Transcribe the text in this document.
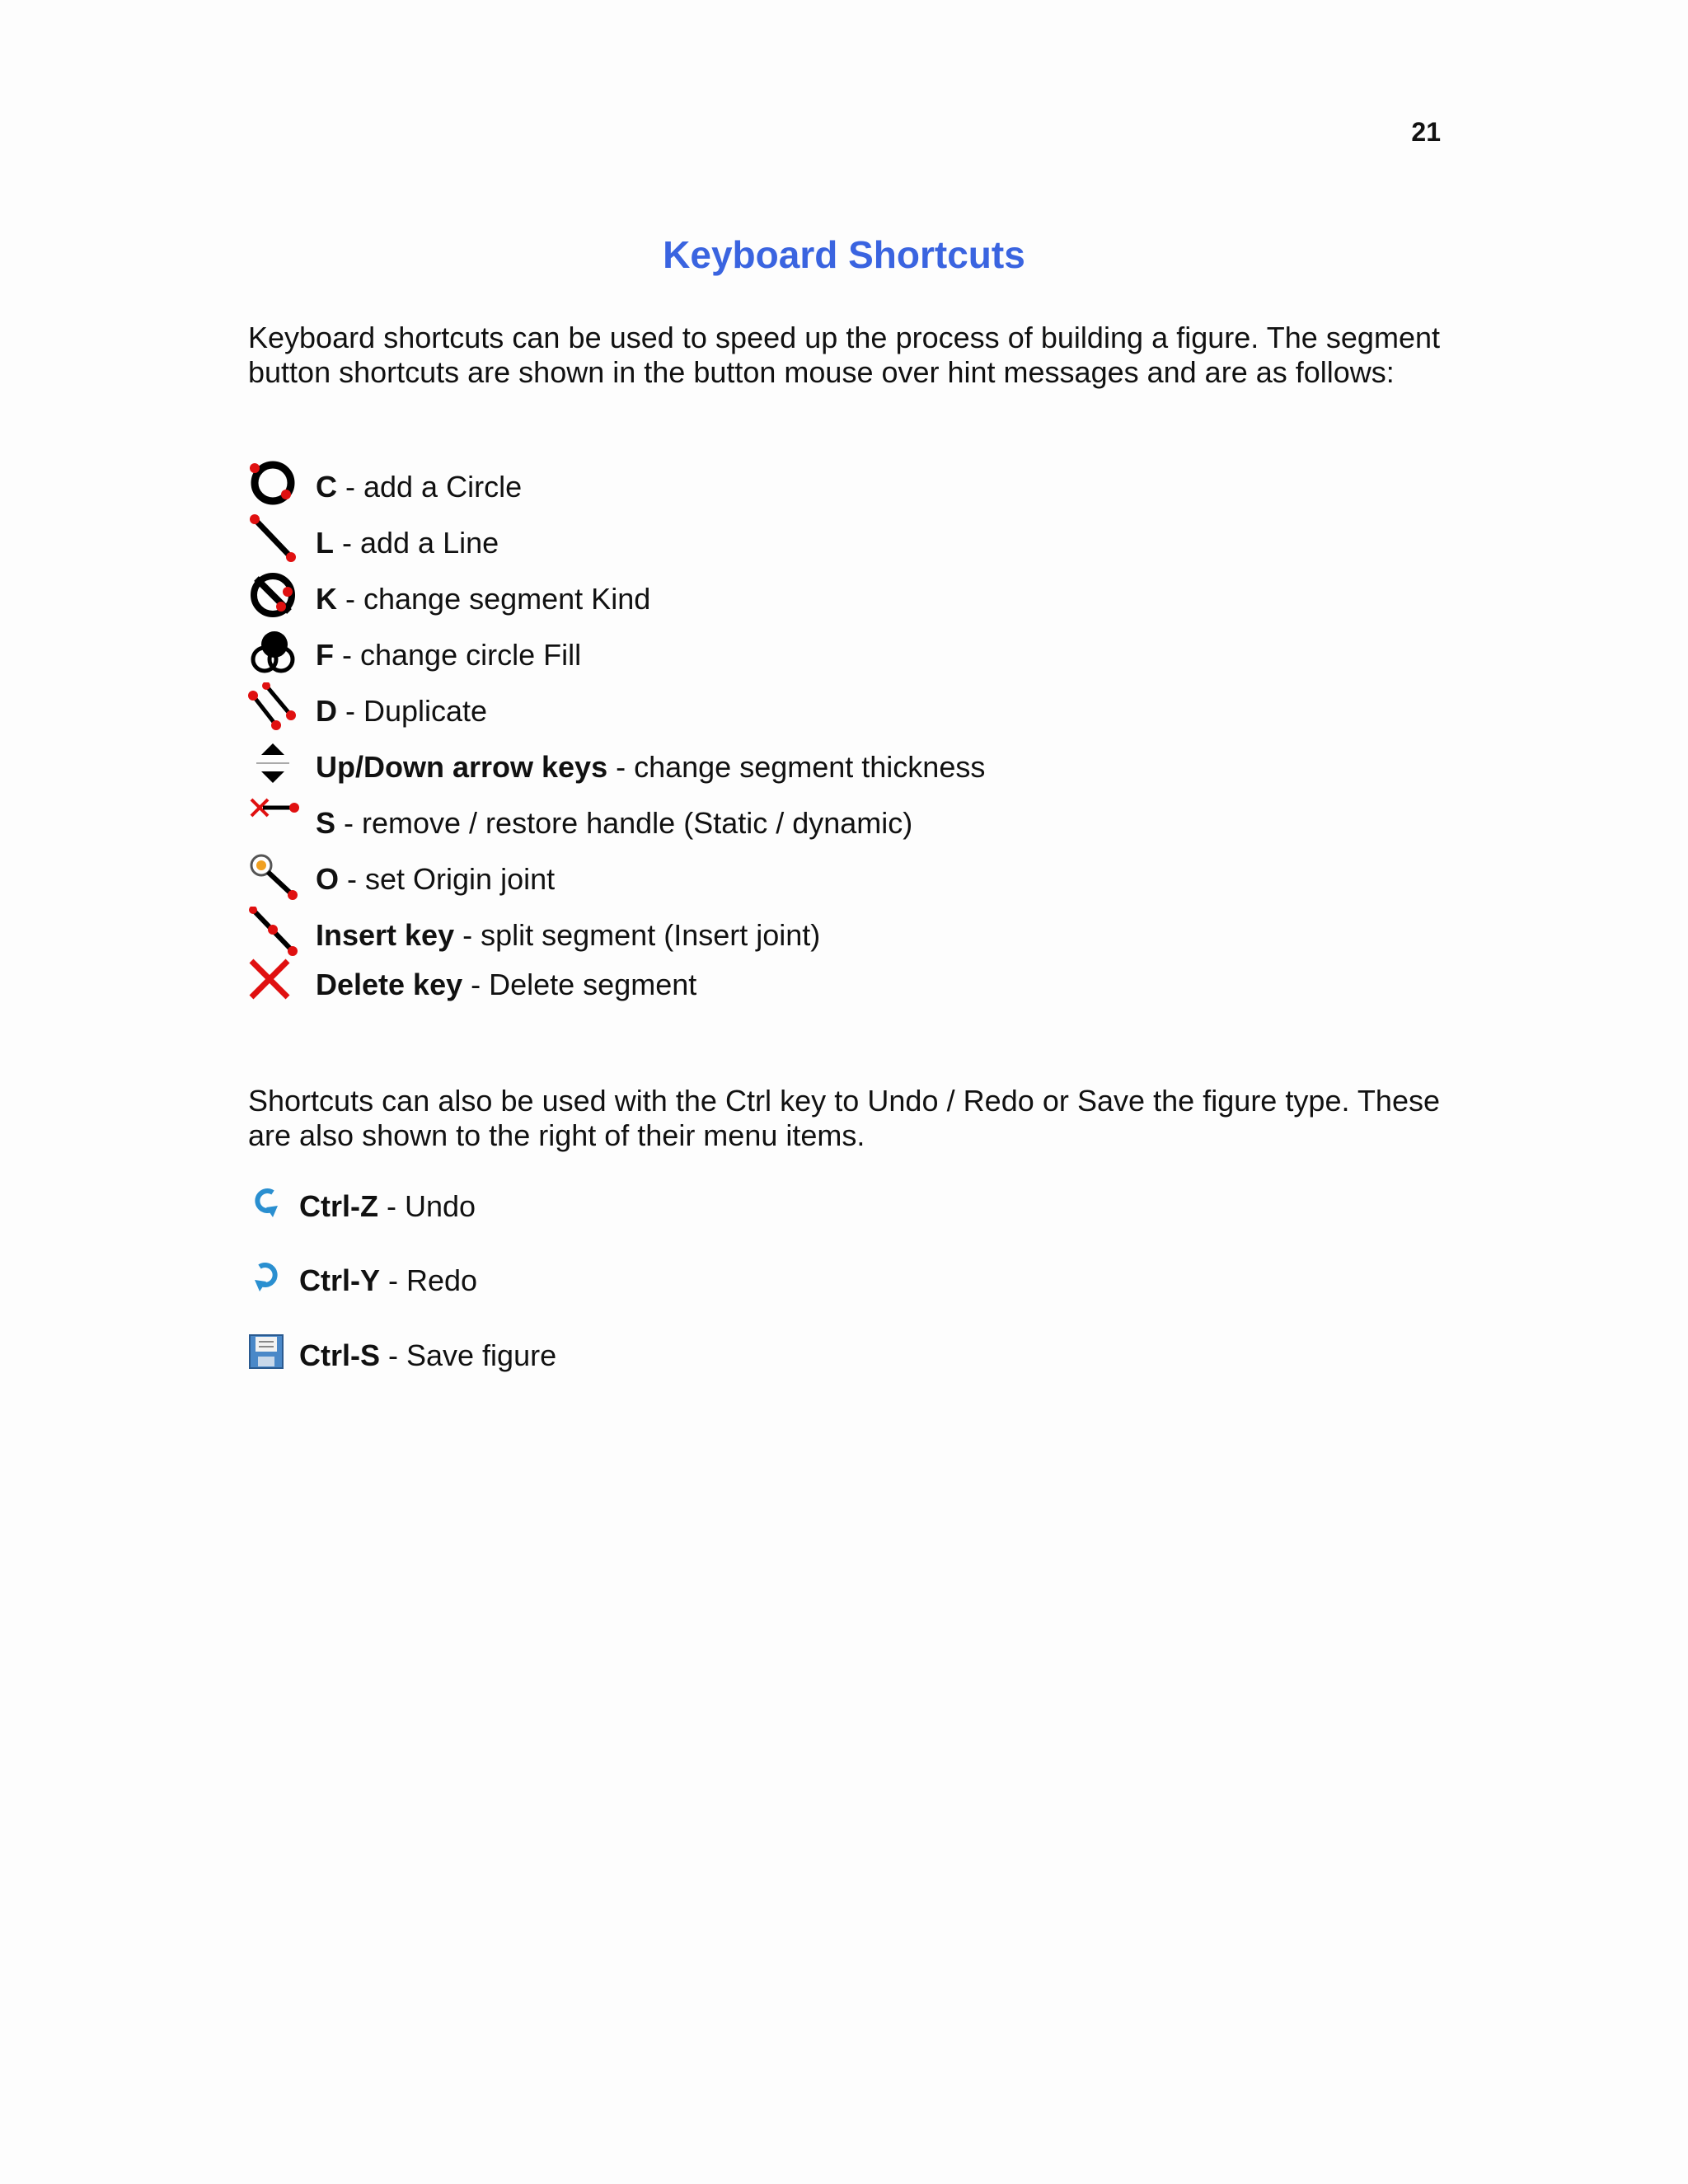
21
Keyboard Shortcuts
Keyboard shortcuts can be used to speed up the process of building a figure. The segment button shortcuts are shown in the button mouse over hint messages and are as follows:
C - add a Circle
L - add a Line
K - change segment Kind
F - change circle Fill
D - Duplicate
Up/Down arrow keys - change segment thickness
S - remove / restore handle (Static / dynamic)
O - set Origin joint
Insert key - split segment (Insert joint)
Delete key - Delete segment
Shortcuts can also be used with the Ctrl key to Undo / Redo or Save the figure type. These are also shown to the right of their menu items.
Ctrl-Z - Undo
Ctrl-Y - Redo
Ctrl-S - Save figure
